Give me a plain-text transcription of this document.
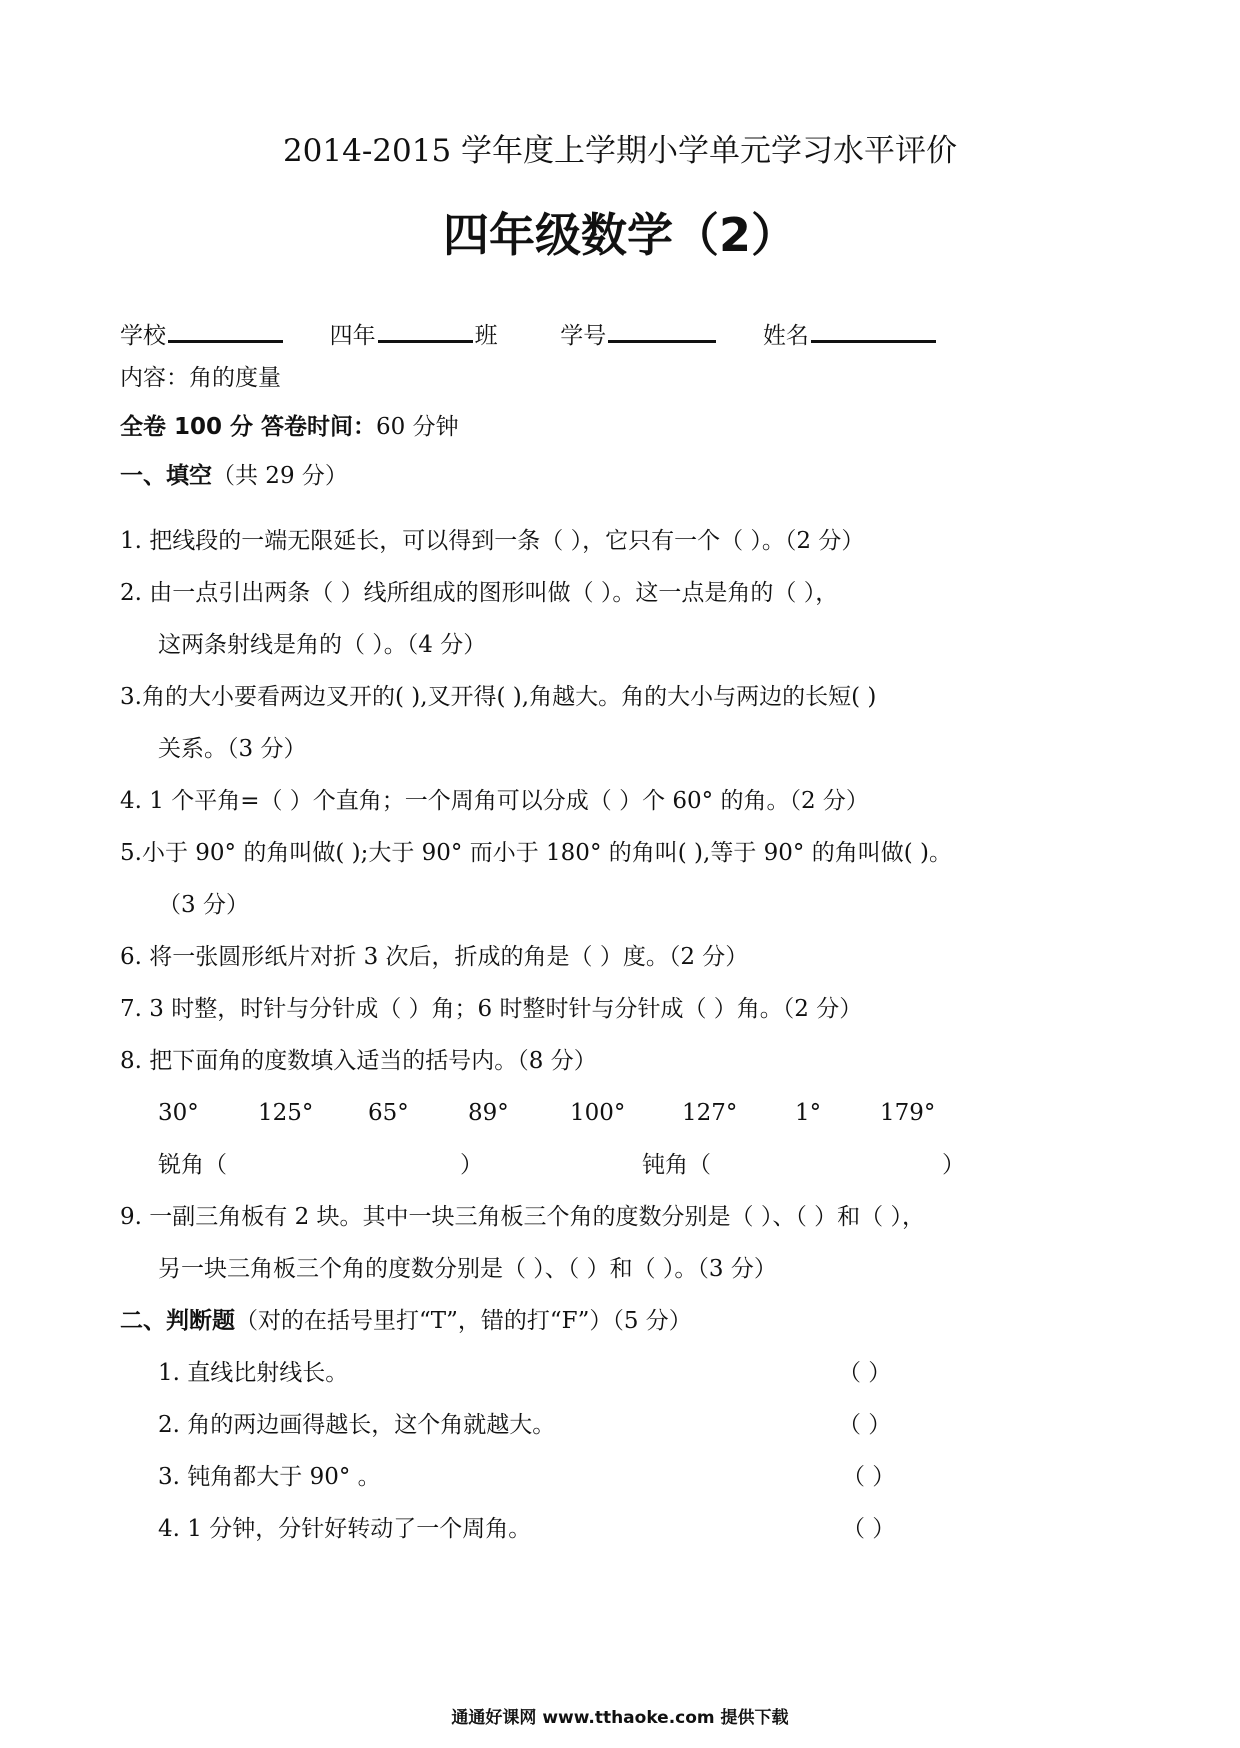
2014-2015 学年度上学期小学单元学习水平评价
四年级数学（2）
学校	四年	班	学号	姓名
内容：角的度量
全卷 100 分 答卷时间：60 分钟
一、填空（共 29 分）
1. 把线段的一端无限延长，可以得到一条（ ），它只有一个（ ）。（2 分）
2. 由一点引出两条（ ）线所组成的图形叫做（ ）。这一点是角的（ ），
这两条射线是角的（ ）。（4 分）
3.角的大小要看两边叉开的( ),叉开得( ),角越大。角的大小与两边的长短( )
关系。（3 分）
4. 1 个平角=（ ）个直角；一个周角可以分成（ ）个 60° 的角。（2 分）
5.小于 90° 的角叫做( );大于 90° 而小于 180° 的角叫( ),等于 90° 的角叫做( )。
（3 分）
6. 将一张圆形纸片对折 3 次后，折成的角是（ ）度。（2 分）
7. 3 时整，时针与分针成（ ）角；6 时整时针与分针成（ ）角。（2 分）
8. 把下面角的度数填入适当的括号内。（8 分）
30°	125° 65°	89°	100° 127°	1°	179°
锐角（	）	钝角（	）
9. 一副三角板有 2 块。其中一块三角板三个角的度数分别是（ ）、（ ）和（ ），
另一块三角板三个角的度数分别是（ ）、（ ）和（ ）。（3 分）
二、判断题（对的在括号里打“T”，错的打“F”）（5 分）
1. 直线比射线长。	（ ）
2. 角的两边画得越长，这个角就越大。	（ ）
3. 钝角都大于 90° 。	（ ）
4. 1 分钟，分针好转动了一个周角。	（ ）
通通好课网 www.tthaoke.com 提供下载
